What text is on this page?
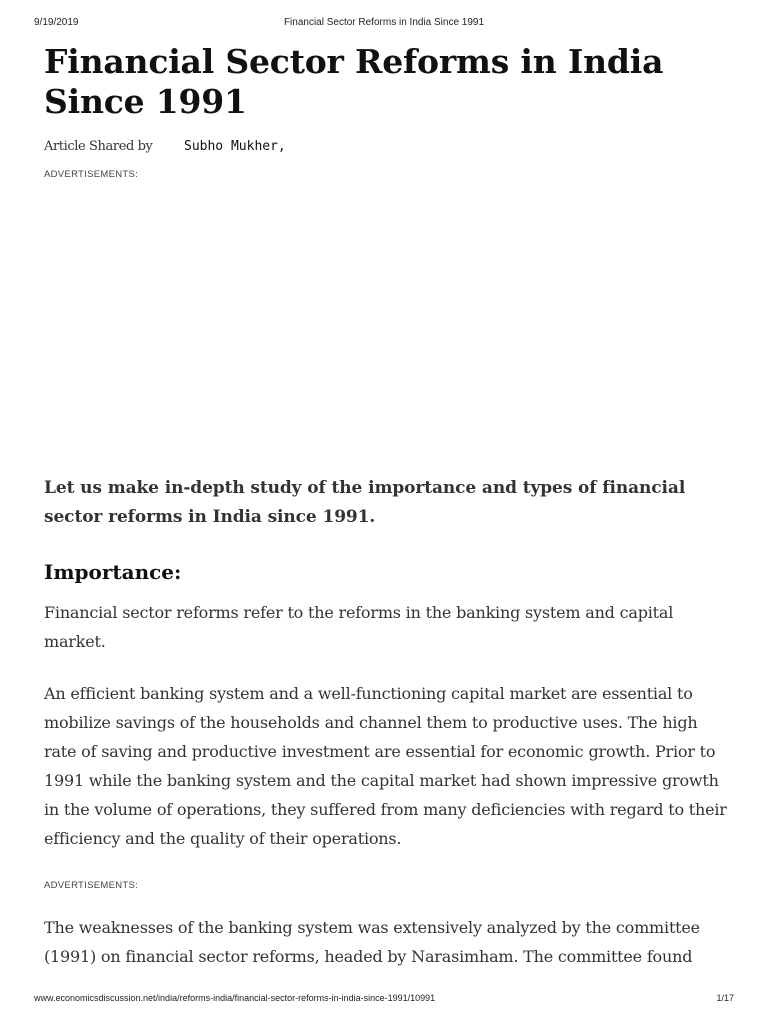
9/19/2019	Financial Sector Reforms in India Since 1991
Financial Sector Reforms in India Since 1991
Article Shared by Subho Mukher,
ADVERTISEMENTS:

Let us make in-depth study of the importance and types of financial sector reforms in India since 1991.

Importance:

Financial sector reforms refer to the reforms in the banking system and capital market.

An efficient banking system and a well-functioning capital market are essential to mobilize savings of the households and channel them to productive uses. The high rate of saving and productive investment are essential for economic growth. Prior to 1991 while the banking system and the capital market had shown impressive growth in the volume of operations, they suffered from many deficiencies with regard to their efficiency and the quality of their operations.

ADVERTISEMENTS:

The weaknesses of the banking system was extensively analyzed by the committee (1991) on financial sector reforms, headed by Narasimham. The committee found

www.economicsdiscussion.net/india/reforms-india/financial-sector-reforms-in-india-since-1991/10991	1/17
